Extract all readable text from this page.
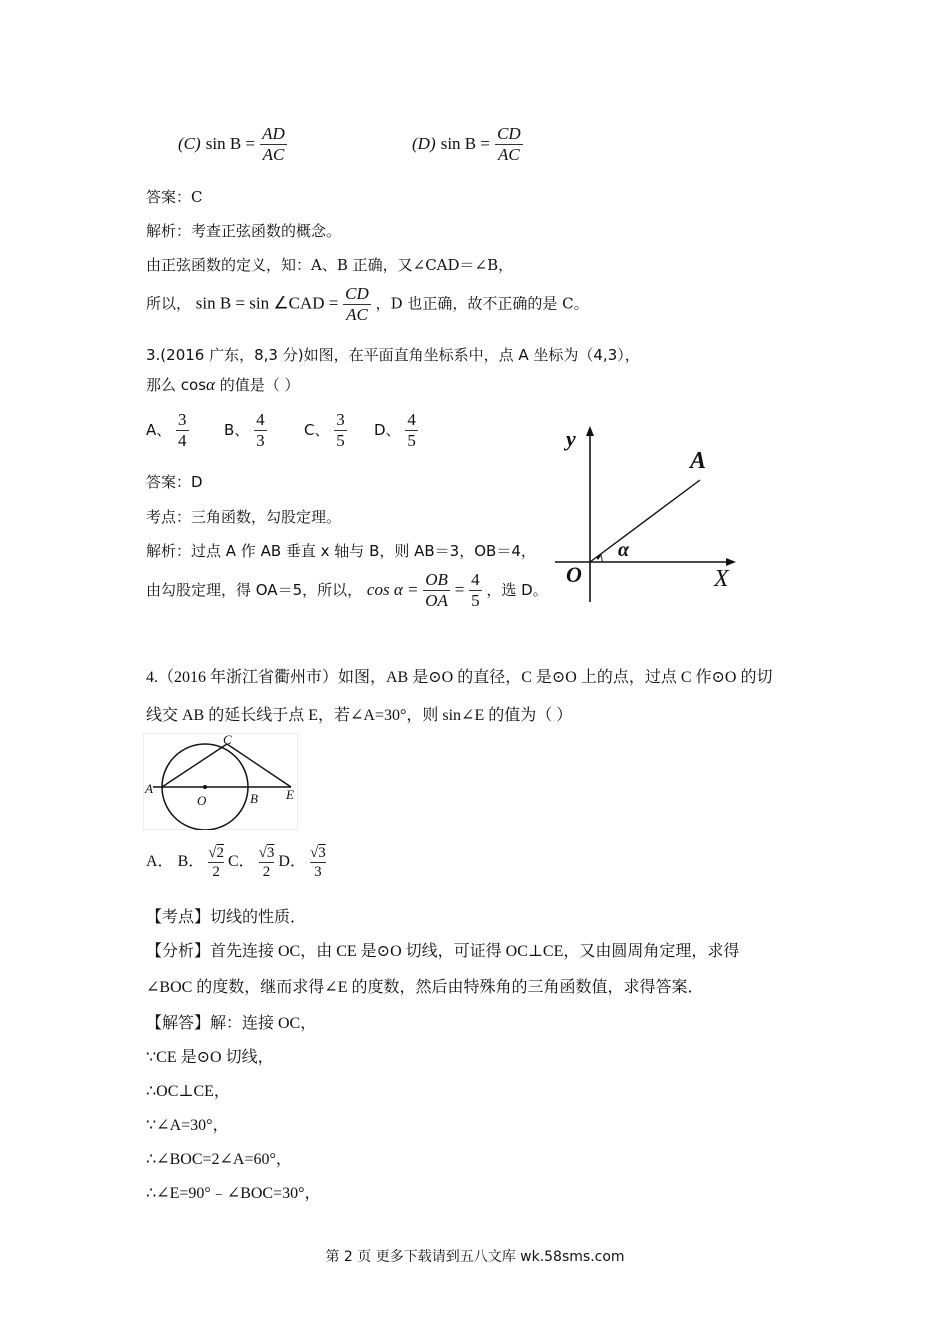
(C) $\sin B = \frac{AD}{AC}$	(D) $\sin B = \frac{CD}{AC}$
答案：C
解析：考查正弦函数的概念。
由正弦函数的定义，知：A、B 正确，又∠CAD＝∠B，
所以， sin B = sin ∠CAD = $\frac{CD}{AC}$ ，D 也正确，故不正确的是 C。
3.(2016 广东，8,3 分)如图，在平面直角坐标系中，点 A 坐标为（4,3），
那么 cosα 的值是（ ）
A、 $\frac{3}{4}$ B、 $\frac{4}{3}$ C、 $\frac{3}{5}$ D、 $\frac{4}{5}$
答案：D
考点：三角函数，勾股定理。
解析：过点 A 作 AB 垂直 x 轴与 B，则 AB＝3，OB＝4，
由勾股定理，得 OA＝5，所以， $\cos \alpha = \frac{OB}{OA} = \frac{4}{5}$ ，选 D。
y
A
α
O	X
4.（2016 年浙江省衢州市）如图，AB 是⊙O 的直径，C 是⊙O 上的点，过点 C 作⊙O 的切
线交 AB 的延长线于点 E，若∠A=30°，则 sin∠E 的值为（ ）
A
C
O	B E
A． B． $\frac{√2}{2}$ C． $\frac{√3}{2}$ D． $\frac{√3}{3}$
【考点】切线的性质．
【分析】首先连接 OC，由 CE 是⊙O 切线，可证得 OC⊥CE，又由圆周角定理，求得
∠BOC 的度数，继而求得∠E 的度数，然后由特殊角的三角函数值，求得答案．
【解答】解：连接 OC，
∵CE 是⊙O 切线，
∴OC⊥CE，
∵∠A=30°，
∴∠BOC=2∠A=60°，
∴∠E=90°﹣∠BOC=30°，
第 2 页 更多下载请到五八文库 wk.58sms.com
